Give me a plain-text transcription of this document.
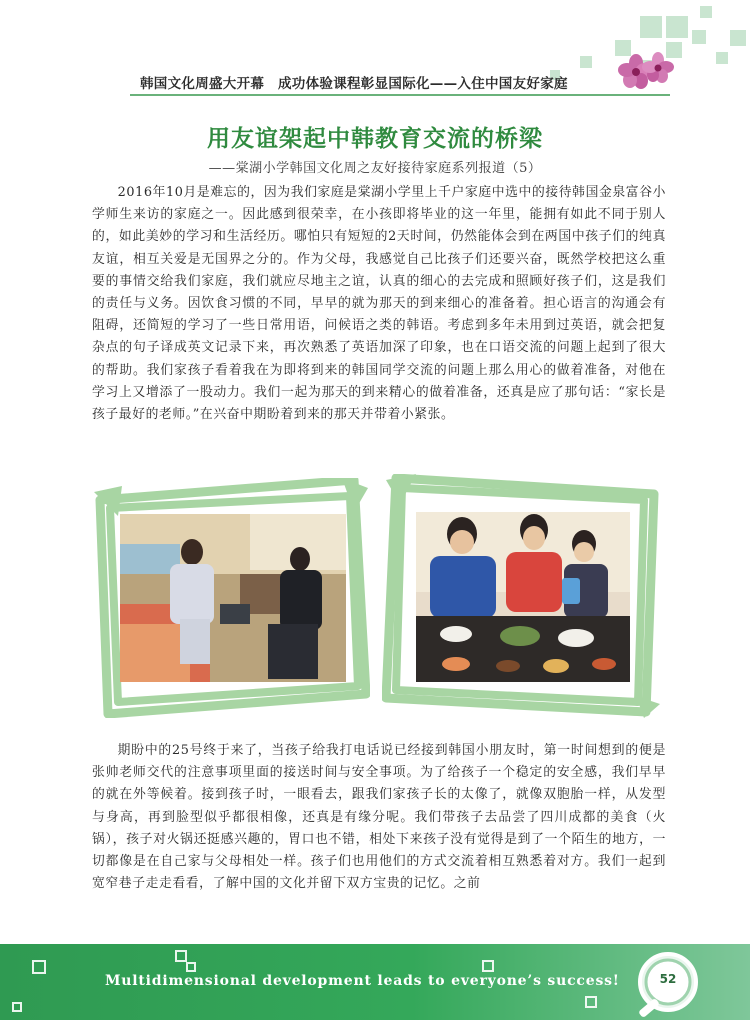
韩国文化周盛大开幕　成功体验课程彰显国际化——入住中国友好家庭
用友谊架起中韩教育交流的桥梁
——棠湖小学韩国文化周之友好接待家庭系列报道（5）

2016年10月是难忘的，因为我们家庭是棠湖小学里上千户家庭中选中的接待韩国金泉富谷小学师生来访的家庭之一。因此感到很荣幸，在小孩即将毕业的这一年里，能拥有如此不同于别人的，如此美妙的学习和生活经历。哪怕只有短短的2天时间，仍然能体会到在两国中孩子们的纯真友谊，相互关爱是无国界之分的。作为父母，我感觉自己比孩子们还要兴奋，既然学校把这么重要的事情交给我们家庭，我们就应尽地主之谊，认真的细心的去完成和照顾好孩子们，这是我们的责任与义务。因饮食习惯的不同，早早的就为那天的到来细心的准备着。担心语言的沟通会有阻碍，还简短的学习了一些日常用语，问候语之类的韩语。考虑到多年未用到过英语，就会把复杂点的句子译成英文记录下来，再次熟悉了英语加深了印象，也在口语交流的问题上起到了很大的帮助。我们家孩子看着我在为即将到来的韩国同学交流的问题上那么用心的做着准备，对他在学习上又增添了一股动力。我们一起为那天的到来精心的做着准备，还真是应了那句话：“家长是孩子最好的老师。”在兴奋中期盼着到来的那天并带着小紧张。

期盼中的25号终于来了，当孩子给我打电话说已经接到韩国小朋友时，第一时间想到的便是张帅老师交代的注意事项里面的接送时间与安全事项。为了给孩子一个稳定的安全感，我们早早的就在外等候着。接到孩子时，一眼看去，跟我们家孩子长的太像了，就像双胞胎一样，从发型与身高，再到脸型似乎都很相像，还真是有缘分呢。我们带孩子去品尝了四川成都的美食（火锅），孩子对火锅还挺感兴趣的，胃口也不错，相处下来孩子没有觉得是到了一个陌生的地方，一切都像是在自己家与父母相处一样。孩子们也用他们的方式交流着相互熟悉着对方。我们一起到宽窄巷子走走看看，了解中国的文化并留下双方宝贵的记忆。之前

Multidimensional development leads to everyone’s success!	52
